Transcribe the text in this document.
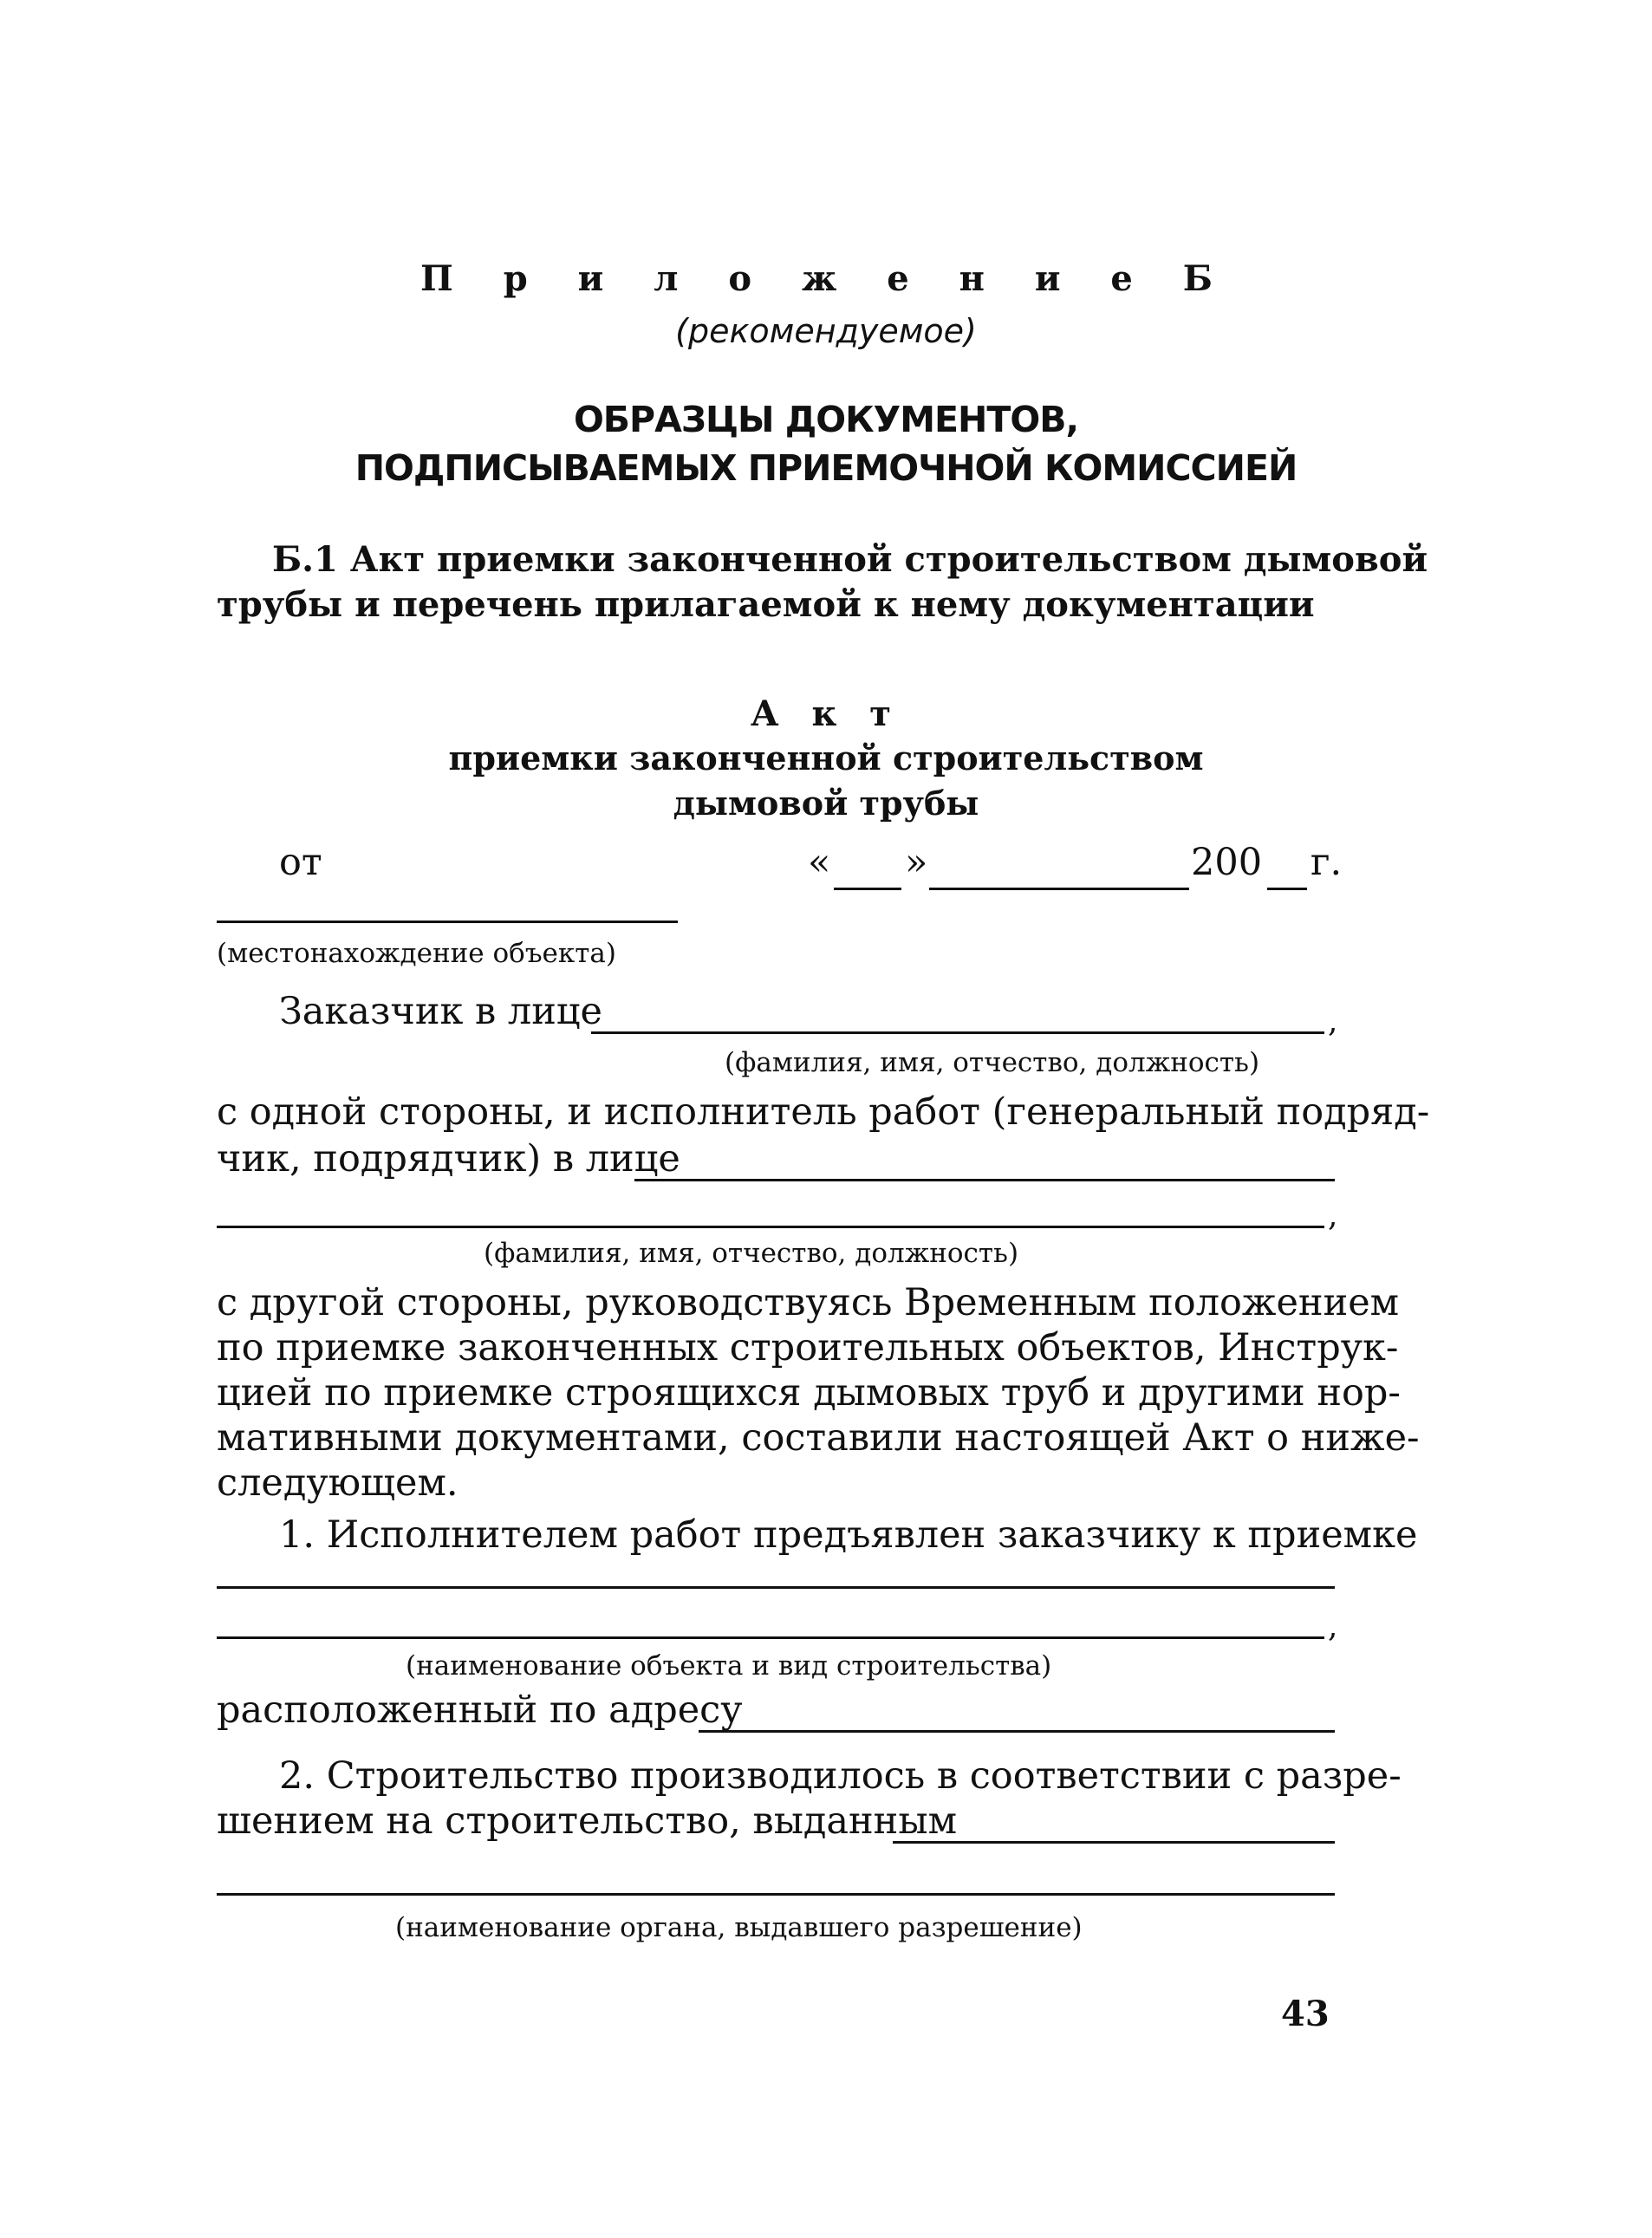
П р и л о ж е н и е Б
(рекомендуемое)
ОБРАЗЦЫ ДОКУМЕНТОВ,
ПОДПИСЫВАЕМЫХ ПРИЕМОЧНОЙ КОМИССИЕЙ
Б.1 Акт приемки законченной строительством дымовой
трубы и перечень прилагаемой к нему документации
А к т
приемки законченной строительством
дымовой трубы
от	« »	200 г.
(местонахождение объекта)
Заказчик в лице	,
(фамилия, имя, отчество, должность)
с одной стороны, и исполнитель работ (генеральный подряд-
чик, подрядчик) в лице
,
(фамилия, имя, отчество, должность)
с другой стороны, руководствуясь Временным положением
по приемке законченных строительных объектов, Инструк-
цией по приемке строящихся дымовых труб и другими нор-
мативными документами, составили настоящей Акт о ниже-
следующем.
1. Исполнителем работ предъявлен заказчику к приемке
,
(наименование объекта и вид строительства)
расположенный по адресу
2. Строительство производилось в соответствии с разре-
шением на строительство, выданным
(наименование органа, выдавшего разрешение)
43
